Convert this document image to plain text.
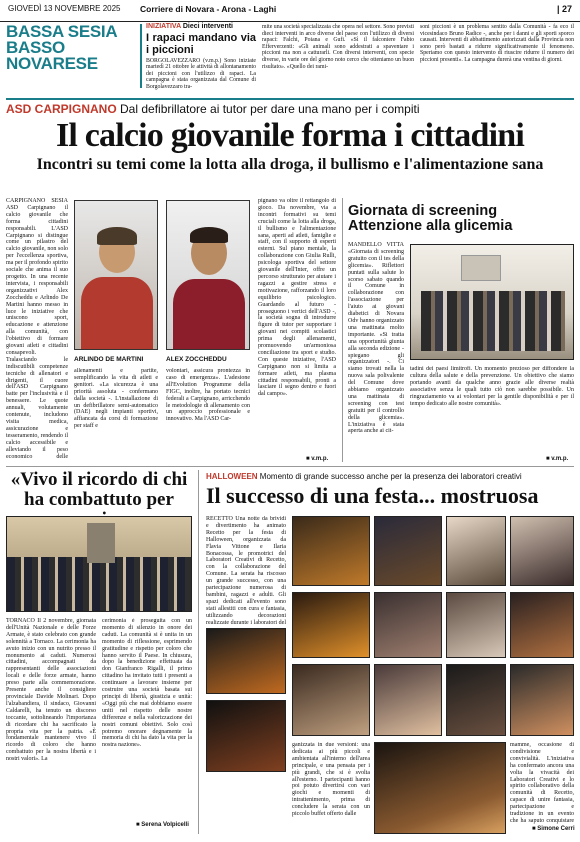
GIOVEDÌ 13 NOVEMBRE 2025 Corriere di Novara - Arona - Laghi	| 27
BASSA SESIA
BASSO
NOVARESE
INIZIATIVA Dieci interventi
I rapaci mandano via i piccioni
BORGOLAVEZZARO (v.m.p.) Sono iniziate martedì 21 ottobre le attività di allontanamento dei piccioni con l'utilizzo di rapaci. La campagna è stata organizzata dal Comune di Borgolavezzaro tra-
mite una società specializzata che opera nel settore. Sono previsti dieci interventi in arco diverse del paese con l'utilizzo di diversi rapaci: Falchi, Poiana e Gufi. «Sì il falconiere Fabio Efferverzenti: «Gli animali sono addestrati a spaventare i piccioni ma non a catturarli. Con diversi interventi, con specie diverse, in varie ore del giorno noto cerco che otteniamo un buon risultato». «Quello dei rami-
soni piccioni è un problema sentito dalla Comunità - fa eco il vicesindaco Bruno Radice -, anche per i danni e gli sporti sporco causati. Interventi di abbattimento autorizzati dalla Provincia non sono però bastati a ridurre significativamente il fenomeno. Speriamo con questo intervento di riuscire ridurre il numero dei piccioni presenti». La campagna durerà una ventina di giorni.
ASD CARPIGNANO Dal defibrillatore ai tutor per dare una mano per i compiti
Il calcio giovanile forma i cittadini
Incontri su temi come la lotta alla droga, il bullismo e l'alimentazione sana
CARPIGNANO SESIA ASD Carpignano il calcio giovanile che forma cittadini responsabili. L'ASD Carpignano si distingue come un pilastro del calcio giovanile, non solo per l'eccellenza sportiva, ma per il profondo spirito sociale che anima il suo progetto. In una recente intervista, i responsabili organizzativi Alex Zoccheddu e Arlindo De Martini hanno messo in luce le iniziative che uniscono sport, educazione e attenzione alla comunità, con l'obiettivo di formare giovani atleti e cittadini consapevoli. Tralasciando le indiscutibili competenze tecniche di allenatori e dirigenti, il cuore dell'ASD Carpignano batte per l'inclusività e il benessere. Le quote annuali, volutamente contenute, includono visita medica, assicurazione e tesseramento, rendendo il calcio accessibile e alleviando il peso economico delle
ARLINDO DE MARTINI	ALEX ZOCCHEDDU
allenamenti e partite, semplificando la vita di atleti e genitori. «La sicurezza è una priorità assoluta - confermano dalla società -. L'installazione di un defibrillatore semi-automatico (DAE) negli impianti sportivi, affiancata da corsi di formazione per staff e
volontari, assicura prontezza in caso di emergenza». L'adesione all'Evolution Programme della FIGC, inoltre, ha portato tecnici federali a Carpignano, arricchendo le metodologie di allenamento con un approccio professionale e innovativo. Ma l'ASD Car-
pignano va oltre il rettangolo di gioco. Da novembre, via a incontri formativi su temi cruciali come la lotta alla droga, il bullismo e l'alimentazione sana, aperti ad atleti, famiglie e staff, con il supporto di esperti esterni. Sul piano mentale, la collaborazione con Giulia Rulli, psicologa sportiva del settore giovanile dell'Inter, offre un percorso strutturato per aiutare i ragazzi a gestire stress e motivazione, rafforzando il loro equilibrio psicologico. Guardando al futuro - proseguono i vertici dell'ASD -, la società sogna di introdurre figure di tutor per supportare i giovani nei compiti scolastici prima degli allenamenti, promuovendo un'armoniosa conciliazione tra sport e studio. Con queste iniziative, l'ASD Carpignano non si limita a formare atleti, ma plasma cittadini responsabili, pronti a lasciare il segno dentro e fuori dal campo».
■ v.m.p.
Giornata di screening Attenzione alla glicemia
MANDELLO VITTA «Giornata di screening gratuito con il tes della glicemia». Riflettori puntati sulla salute lo scorso sabato quando il Comune in collaborazione con l'associazione per l'aiuto ai giovani diabetici di Novara Odv hanno organizzato una mattinata molto importante. «Si tratta una opportunità giunta alla seconda edizione - spiegano gli organizzatori -. Ci siamo trovati nella la nuova sala polivalente del Comune dove abbiamo organizzato una mattinata di screening con test gratuiti per il controllo della glicemia». L'iniziativa è stata aperta anche ai cit-
tadini dei paesi limitrofi. Un momento prezioso per diffondere la cultura della salute e della prevenzione. Un obiettivo che siamo portando avanti da qualche anno grazie alle diverse realtà associative senza le quali tutto ciò non sarebbe possibile. Un ringraziamento va ai volontari per la gentile disponibilità e per il tempo dedicato alle nostre comunità».
■ v.m.p.
«Vivo il ricordo di chi ha combattuto per
TORNACO Il 2 novembre, giornata dell'Unità Nazionale e delle Forze Armate, è stato celebrato con grande solennità a Tornaco. La cerimonia ha avuto inizio con un nutrito presso il monumento ai caduti. Numerosi cittadini, accompagnati da rappresentanti delle associazioni locali e delle forze armate, hanno preso parte alla commemorazione. Presente anche il consigliere provinciale Davide Molinari. Dopo l'alzabandiera, il sindaco, Giovanni Caldarelli, ha tenuto un discorso toccante, sottolineando l'importanza di ricordare chi ha sacrificato la propria vita per la patria. «È fondamentale mantenere vivo il ricordo di coloro che hanno combattuto per la nostra libertà e i nostri valori». La
cerimonia è proseguita con un momento di silenzio in onore dei caduti. La comunità si è unita in un momento di riflessione, esprimendo gratitudine e rispetto per coloro che hanno servito il Paese. In chiusura, dopo la benedizione effettuata da don Gianfranco Rigalli, il primo cittadino ha invitato tutti i presenti a continuare a lavorare insieme per costruire una società basata sui principi di libertà, giustizia e unità: «Oggi più che mai dobbiamo essere uniti nel rispetto delle nostre differenze e nella valorizzazione dei nostri comuni obiettivi. Solo così potremo onorare degnamente la memoria di chi ha dato la vita per la nostra nazione».
■ Serena Volpicelli
HALLOWEEN Momento di grande successo anche per la presenza dei laboratori creativi
Il successo di una festa... mostruosa
RECETTO Una notte da brividi e divertimento ha animato Recetto per la festa di Halloween, organizzata da Flavia Vittone e Ilaria Bonacossa, le promotrici del Laboratori Creativi di Recetto, con la collaborazione del Comune. La serata ha riscosso un grande successo, con una partecipazione numerosa di bambini, ragazzi e adulti. Gli spazi dedicati all'evento sono stati allestiti con cura e fantasia, utilizzando decorazioni realizzate durante i laboratori del
ganizzata in due versioni: una dedicata ai più piccoli e ambientata all'interno dell'area principale, e una pensata per i più grandi, che si è svolta all'esterno. I partecipanti hanno poi potuto divertirsi con vari giochi e momenti di intrattenimento, prima di concludere la serata con un piccolo buffet offerto dalle
mamme, occasione di condivisione e convivialità. L'iniziativa ha confermato ancora una volta la vivacità dei Laboratori Creativi e lo spirito collaborativo della comunità di Recetto, capace di unire fantasia, partecipazione e tradizione in un evento che ha saputo conquistare
■ Simone Cerri
